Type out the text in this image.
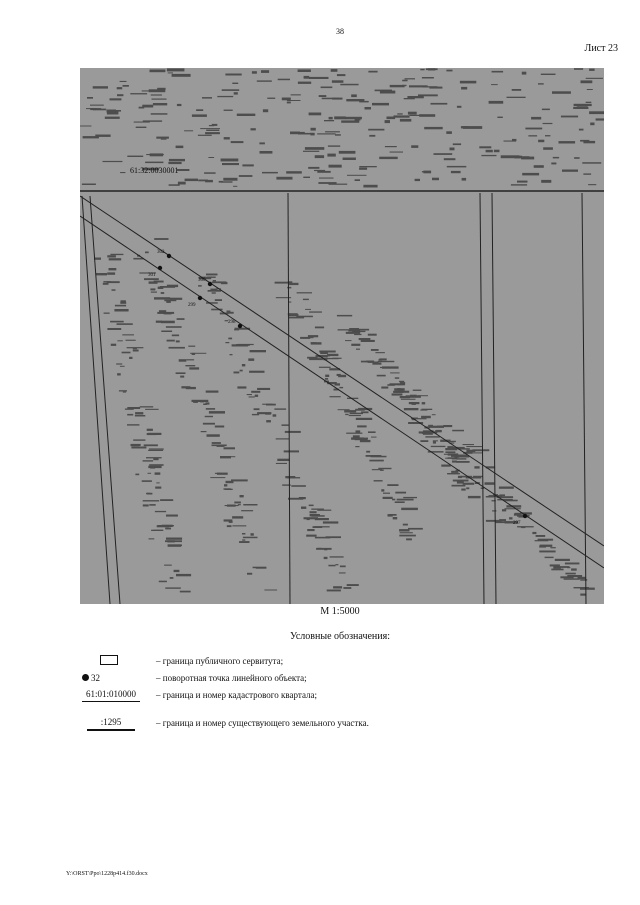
38
Лист 23
61:32:0030001
302
301
300
299
298
297
М 1:5000
Условные обозначения:
– граница публичного сервитута;
32	– поворотная точка линейного объекта;
61:01:010000	– граница и номер кадастрового квартала;
:1295	– граница и номер существующего земельного участка.
Y:\ORST\Ppo\1228p414.f30.docx
